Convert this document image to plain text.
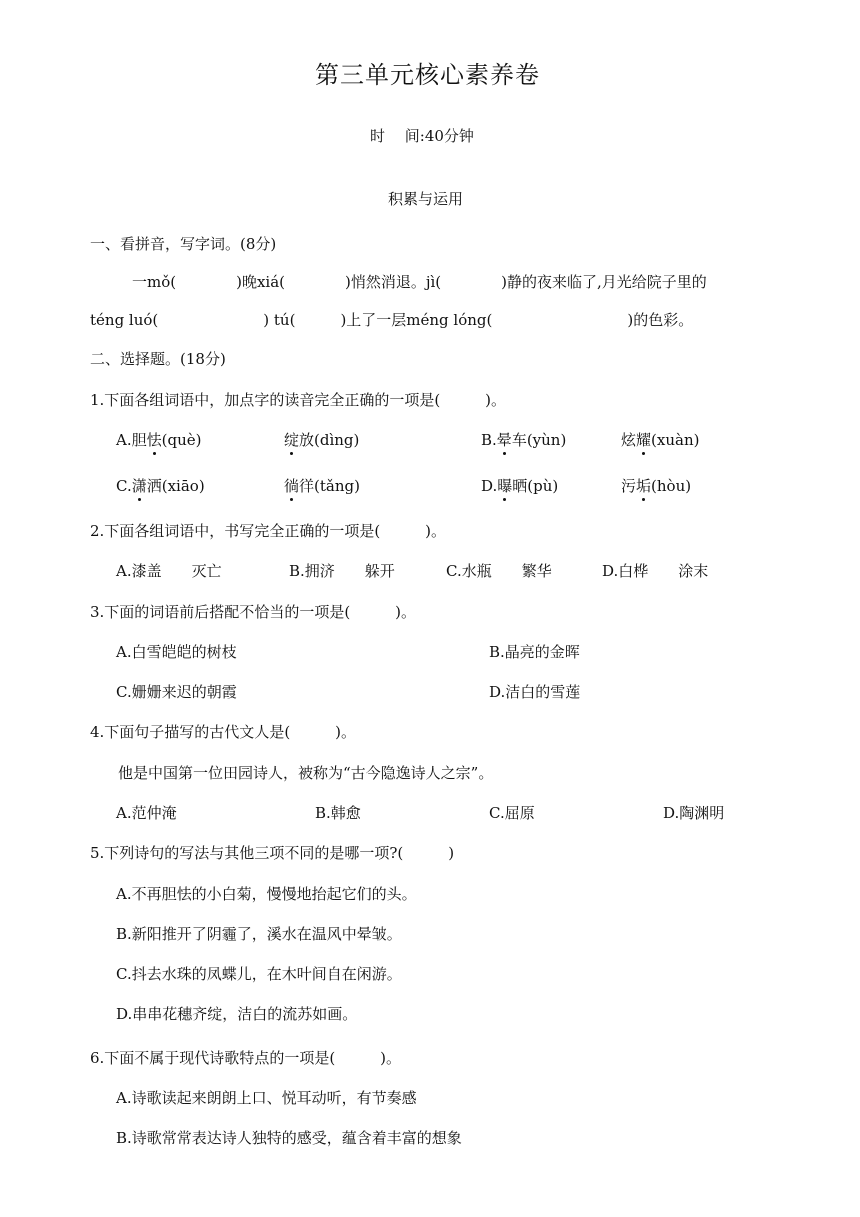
第三单元核心素养卷
时　 间:40分钟
积累与运用
一、看拼音，写字词。(8分)
一mǒ(　　　　)晚xiá(　　　　)悄然消退。jì(　　　　)静的夜来临了,月光给院子里的
téng luó(　　　　　　　) tú(　　　)上了一层méng lóng(　　　　　　　　　)的色彩。
二、选择题。(18分)
1.下面各组词语中，加点字的读音完全正确的一项是(　　　)。
A.胆怯(què)	绽放(dìng)	B.晕车(yùn)	炫耀(xuàn)
C.潇洒(xiāo)	徜徉(tǎng)	D.曝晒(pù)	污垢(hòu)
2.下面各组词语中，书写完全正确的一项是(　　　)。
A.漆盖　　灭亡	B.拥济　　躲开	C.水瓶　　繁华	D.白桦　　涂末
3.下面的词语前后搭配不恰当的一项是(　　　)。
A.白雪皑皑的树枝	B.晶亮的金晖
C.姗姗来迟的朝霞	D.洁白的雪莲
4.下面句子描写的古代文人是(　　　)。
他是中国第一位田园诗人，被称为“古今隐逸诗人之宗”。
A.范仲淹	B.韩愈	C.屈原	D.陶渊明
5.下列诗句的写法与其他三项不同的是哪一项?(　　　)
A.不再胆怯的小白菊，慢慢地抬起它们的头。
B.新阳推开了阴霾了，溪水在温风中晕皱。
C.抖去水珠的凤蝶儿，在木叶间自在闲游。
D.串串花穗齐绽，洁白的流苏如画。
6.下面不属于现代诗歌特点的一项是(　　　)。
A.诗歌读起来朗朗上口、悦耳动听，有节奏感
B.诗歌常常表达诗人独特的感受，蕴含着丰富的想象
